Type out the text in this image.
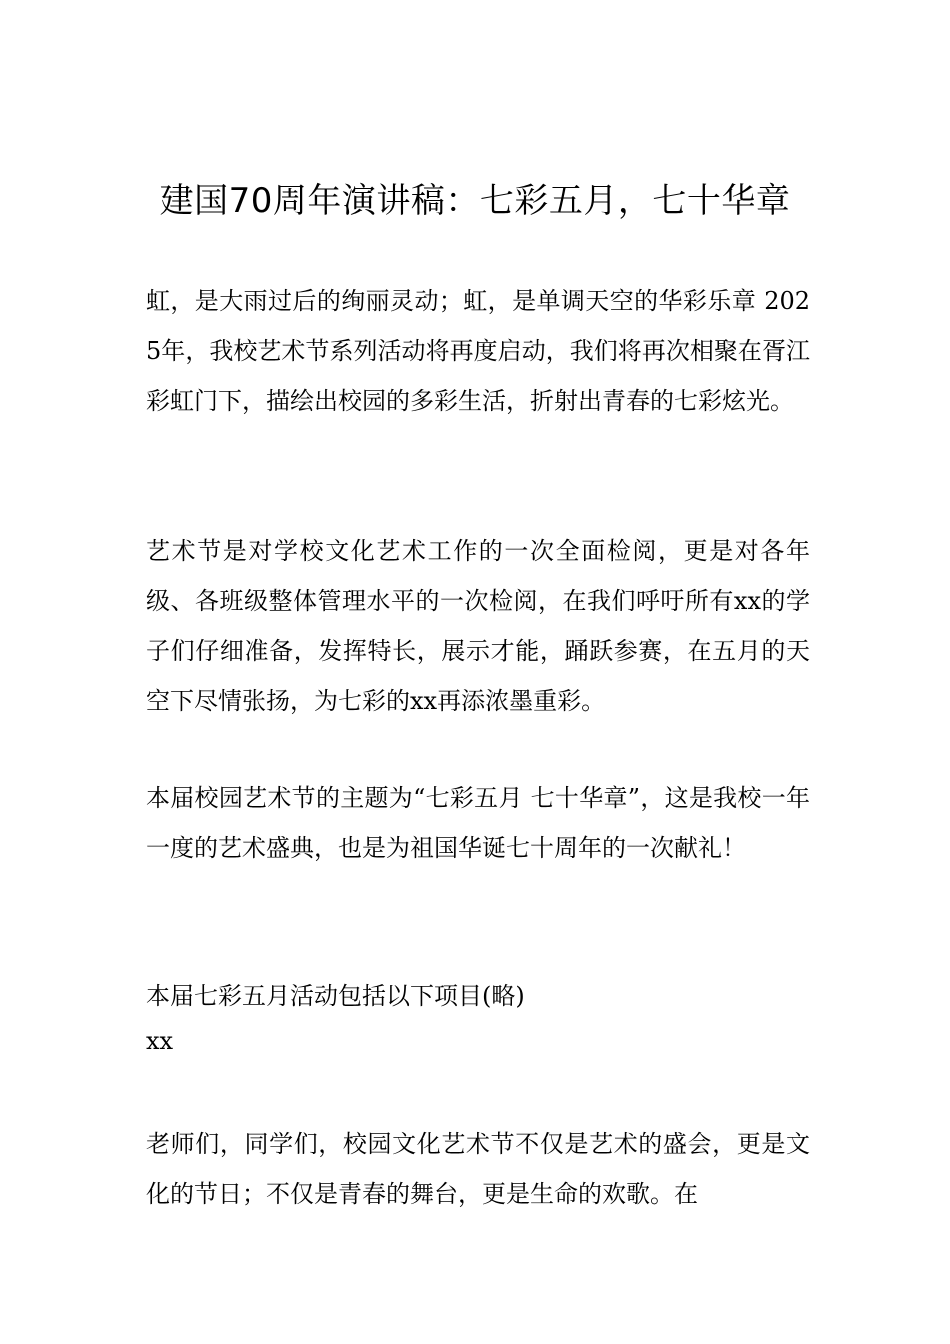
建国70周年演讲稿：七彩五月，七十华章

虹，是大雨过后的绚丽灵动；虹，是单调天空的华彩乐章 2025年，我校艺术节系列活动将再度启动，我们将再次相聚在胥江彩虹门下，描绘出校园的多彩生活，折射出青春的七彩炫光。

艺术节是对学校文化艺术工作的一次全面检阅，更是对各年级、各班级整体管理水平的一次检阅，在我们呼吁所有xx的学子们仔细准备，发挥特长，展示才能，踊跃参赛，在五月的天空下尽情张扬，为七彩的xx再添浓墨重彩。

本届校园艺术节的主题为“七彩五月 七十华章”，这是我校一年一度的艺术盛典，也是为祖国华诞七十周年的一次献礼！

本届七彩五月活动包括以下项目(略)

xx

老师们，同学们，校园文化艺术节不仅是艺术的盛会，更是文化的节日；不仅是青春的舞台，更是生命的欢歌。在
